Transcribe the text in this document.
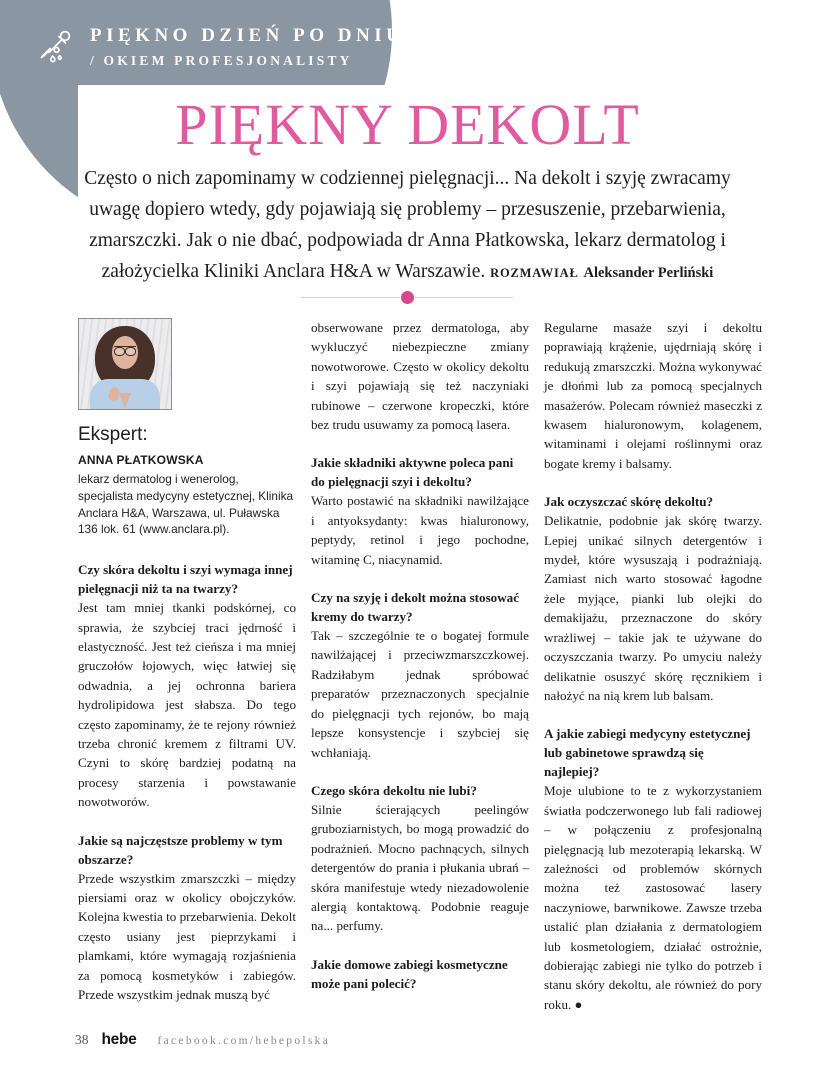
PIĘKNO DZIEŃ PO DNIU
/ OKIEM PROFESJONALISTY
PIĘKNY DEKOLT

Często o nich zapominamy w codziennej pielęgnacji... Na dekolt i szyję zwracamy uwagę dopiero wtedy, gdy pojawiają się problemy – przesuszenie, przebarwienia, zmarszczki. Jak o nie dbać, podpowiada dr Anna Płatkowska, lekarz dermatolog i założycielka Kliniki Anclara H&A w Warszawie. ROZMAWIAŁ Aleksander Perliński

Ekspert:
ANNA PŁATKOWSKA
lekarz dermatolog i wenerolog, specjalista medycyny estetycznej, Klinika Anclara H&A, Warszawa, ul. Puławska 136 lok. 61 (www.anclara.pl).

Czy skóra dekoltu i szyi wymaga innej pielęgnacji niż ta na twarzy?

Jest tam mniej tkanki podskórnej, co sprawia, że szybciej traci jędrność i elastyczność. Jest też cieńsza i ma mniej gruczołów łojowych, więc łatwiej się odwadnia, a jej ochronna bariera hydrolipidowa jest słabsza. Do tego często zapominamy, że te rejony również trzeba chronić kremem z filtrami UV. Czyni to skórę bardziej podatną na procesy starzenia i powstawanie nowotworów.

Jakie są najczęstsze problemy w tym obszarze?

Przede wszystkim zmarszczki – między piersiami oraz w okolicy obojczyków. Kolejna kwestia to przebarwienia. Dekolt często usiany jest pieprzykami i plamkami, które wymagają rozjaśnienia za pomocą kosmetyków i zabiegów. Przede wszystkim jednak muszą być

obserwowane przez dermatologa, aby wykluczyć niebezpieczne zmiany nowotworowe. Często w okolicy dekoltu i szyi pojawiają się też naczyniaki rubinowe – czerwone kropeczki, które bez trudu usuwamy za pomocą lasera.

Jakie składniki aktywne poleca pani do pielęgnacji szyi i dekoltu?

Warto postawić na składniki nawilżające i antyoksydanty: kwas hialuronowy, peptydy, retinol i jego pochodne, witaminę C, niacynamid.

Czy na szyję i dekolt można stosować kremy do twarzy?

Tak – szczególnie te o bogatej formule nawilżającej i przeciwzmarszczkowej. Radziłabym jednak spróbować preparatów przeznaczonych specjalnie do pielęgnacji tych rejonów, bo mają lepsze konsystencje i szybciej się wchłaniają.

Czego skóra dekoltu nie lubi?

Silnie ścierających peelingów gruboziarnistych, bo mogą prowadzić do podrażnień. Mocno pachnących, silnych detergentów do prania i płukania ubrań – skóra manifestuje wtedy niezadowolenie alergią kontaktową. Podobnie reaguje na... perfumy.

Jakie domowe zabiegi kosmetyczne może pani polecić?

Regularne masaże szyi i dekoltu poprawiają krążenie, ujędrniają skórę i redukują zmarszczki. Można wykonywać je dłońmi lub za pomocą specjalnych masażerów. Polecam również maseczki z kwasem hialuronowym, kolagenem, witaminami i olejami roślinnymi oraz bogate kremy i balsamy.

Jak oczyszczać skórę dekoltu?

Delikatnie, podobnie jak skórę twarzy. Lepiej unikać silnych detergentów i mydeł, które wysuszają i podrażniają. Zamiast nich warto stosować łagodne żele myjące, pianki lub olejki do demakijażu, przeznaczone do skóry wrażliwej – takie jak te używane do oczyszczania twarzy. Po umyciu należy delikatnie osuszyć skórę ręcznikiem i nałożyć na nią krem lub balsam.

A jakie zabiegi medycyny estetycznej lub gabinetowe sprawdzą się najlepiej?

Moje ulubione to te z wykorzystaniem światła podczerwonego lub fali radiowej – w połączeniu z profesjonalną pielęgnacją lub mezoterapią lekarską. W zależności od problemów skórnych można też zastosować lasery naczyniowe, barwnikowe. Zawsze trzeba ustalić plan działania z dermatologiem lub kosmetologiem, działać ostrożnie, dobierając zabiegi nie tylko do potrzeb i stanu skóry dekoltu, ale również do pory roku. ●

38 hebe facebook.com/hebepolska
